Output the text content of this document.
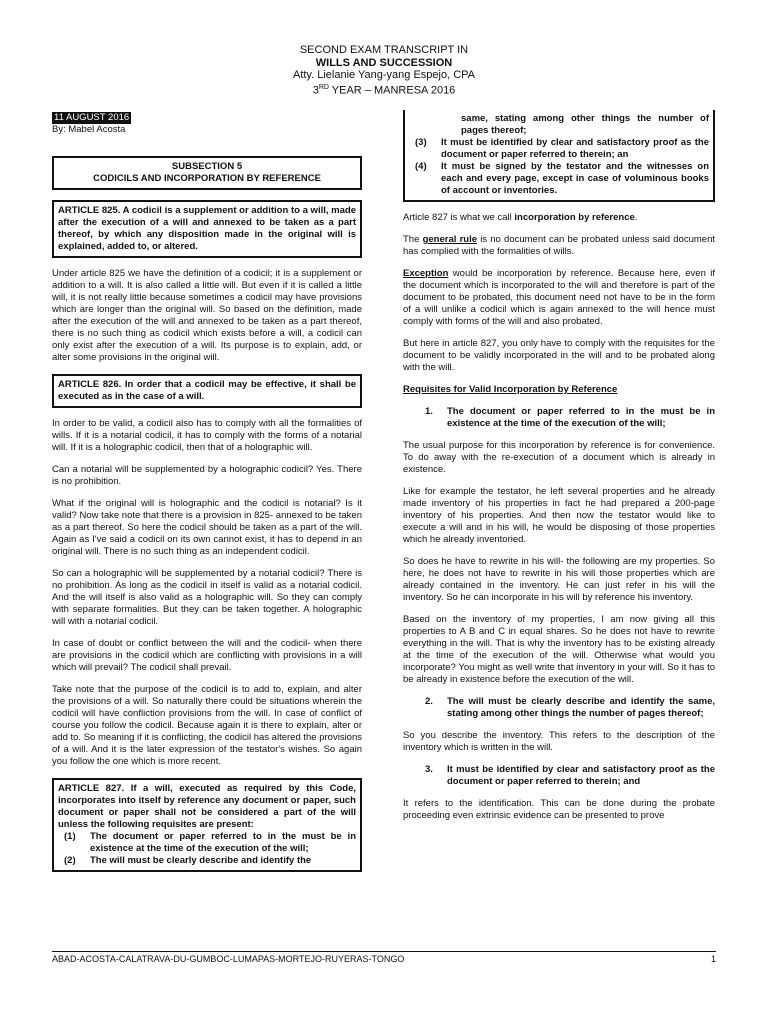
SECOND EXAM TRANSCRIPT IN
WILLS AND SUCCESSION
Atty. Lielanie Yang-yang Espejo, CPA
3RD YEAR – MANRESA 2016
11 AUGUST 2016
By: Mabel Acosta
SUBSECTION 5
CODICILS AND INCORPORATION BY REFERENCE
ARTICLE 825. A codicil is a supplement or addition to a will, made after the execution of a will and annexed to be taken as a part thereof, by which any disposition made in the original will is explained, added to, or altered.

Under article 825 we have the definition of a codicil; it is a supplement or addition to a will. It is also called a little will. But even if it is called a little will, it is not really little because sometimes a codicil may have provisions which are longer than the original will. So based on the definition, made after the execution of the will and annexed to be taken as a part thereof, there is no such thing as codicil which exists before a will, a codicil can only exist after the execution of a will. Its purpose is to explain, add, or alter some provisions in the original will.

ARTICLE 826. In order that a codicil may be effective, it shall be executed as in the case of a will.

In order to be valid, a codicil also has to comply with all the formalities of wills. If it is a notarial codicil, it has to comply with the forms of a notarial will. If it is a holographic codicil, then that of a holographic will.

Can a notarial will be supplemented by a holographic codicil? Yes. There is no prohibition.

What if the original will is holographic and the codicil is notarial? Is it valid? Now take note that there is a provision in 825- annexed to be taken as a part thereof. So here the codicil should be taken as a part of the will. Again as I've said a codicil on its own cannot exist, it has to depend in an original will. There is no such thing as an independent codicil.

So can a holographic will be supplemented by a notarial codicil? There is no prohibition. As long as the codicil in itself is valid as a notarial codicil. And the will itself is also valid as a holographic will. So they can comply with separate formalities. But they can be taken together. A holographic will with a notarial codicil.

In case of doubt or conflict between the will and the codicil- when there are provisions in the codicil which are conflicting with provisions in a will which will prevail? The codicil shall prevail.

Take note that the purpose of the codicil is to add to, explain, and alter the provisions of a will. So naturally there could be situations wherein the codicil will have confliction provisions from the will. In case of conflict of course you follow the codicil. Because again it is there to explain, alter or add to. So meaning if it is conflicting, the codicil has altered the provisions of a will. And it is the later expression of the testator's wishes. So again you follow the one which is more recent.

ARTICLE 827. If a will, executed as required by this Code, incorporates into itself by reference any document or paper, such document or paper shall not be considered a part of the will unless the following requisites are present:
(1)	The document or paper referred to in the must be in existence at the time of the execution of the will;
(2)	The will must be clearly describe and identify the
same, stating among other things the number of pages thereof;
(3)	It must be identified by clear and satisfactory proof as the document or paper referred to therein; an
(4)	It must be signed by the testator and the witnesses on each and every page, except in case of voluminous books of account or inventories.

Article 827 is what we call incorporation by reference.

The general rule is no document can be probated unless said document has complied with the formalities of wills.

Exception would be incorporation by reference. Because here, even if the document which is incorporated to the will and therefore is part of the document to be probated, this document need not have to be in the form of a will unlike a codicil which is again annexed to the will hence must comply with forms of the will and also probated.

But here in article 827, you only have to comply with the requisites for the document to be validly incorporated in the will and to be probated along with the will.

Requisites for Valid Incorporation by Reference

1.	The document or paper referred to in the must be in existence at the time of the execution of the will;

The usual purpose for this incorporation by reference is for convenience. To do away with the re-execution of a document which is already in existence.

Like for example the testator, he left several properties and he already made inventory of his properties in fact he had prepared a 200-page inventory of his properties. And then now the testator would like to execute a will and in his will, he would be disposing of those properties which he already inventoried.

So does he have to rewrite in his will- the following are my properties. So here, he does not have to rewrite in his will those properties which are already contained in the inventory. He can just refer in his will the inventory. So he can incorporate in his will by reference his inventory.

Based on the inventory of my properties, I am now giving all this properties to A B and C in equal shares. So he does not have to rewrite everything in the will. That is why the inventory has to be existing already at the time of the execution of the will. Otherwise what would you incorporate? You might as well write that inventory in your will. So it has to be already in existence before the execution of the will.

2.	The will must be clearly describe and identify the same, stating among other things the number of pages thereof;

So you describe the inventory. This refers to the description of the inventory which is written in the will.

3.	It must be identified by clear and satisfactory proof as the document or paper referred to therein; and

It refers to the identification. This can be done during the probate proceeding even extrinsic evidence can be presented to prove

ABAD-ACOSTA-CALATRAVA-DU-GUMBOC-LUMAPAS-MORTEJO-RUYERAS-TONGO	1
